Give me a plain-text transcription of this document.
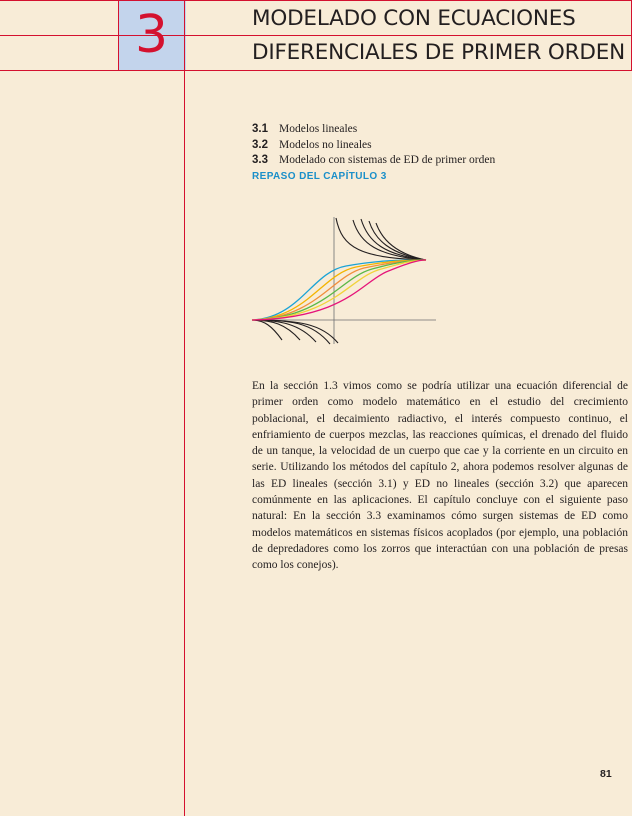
3	MODELADO CON ECUACIONES
DIFERENCIALES DE PRIMER ORDEN
3.1 Modelos lineales
3.2 Modelos no lineales
3.3 Modelado con sistemas de ED de primer orden
REPASO DEL CAPÍTULO 3
En la sección 1.3 vimos como se podría utilizar una ecuación diferencial de primer orden como modelo matemático en el estudio del crecimiento poblacional, el decaimiento radiactivo, el interés compuesto continuo, el enfriamiento de cuerpos mezclas, las reacciones químicas, el drenado del fluido de un tanque, la velocidad de un cuerpo que cae y la corriente en un circuito en serie. Utilizando los métodos del capítulo 2, ahora podemos resolver algunas de las ED lineales (sección 3.1) y ED no lineales (sección 3.2) que aparecen comúnmente en las aplicaciones. El capítulo concluye con el siguiente paso natural: En la sección 3.3 examinamos cómo surgen sistemas de ED como modelos matemáticos en sistemas físicos acoplados (por ejemplo, una población de depredadores como los zorros que interactúan con una población de presas como los conejos).
81
